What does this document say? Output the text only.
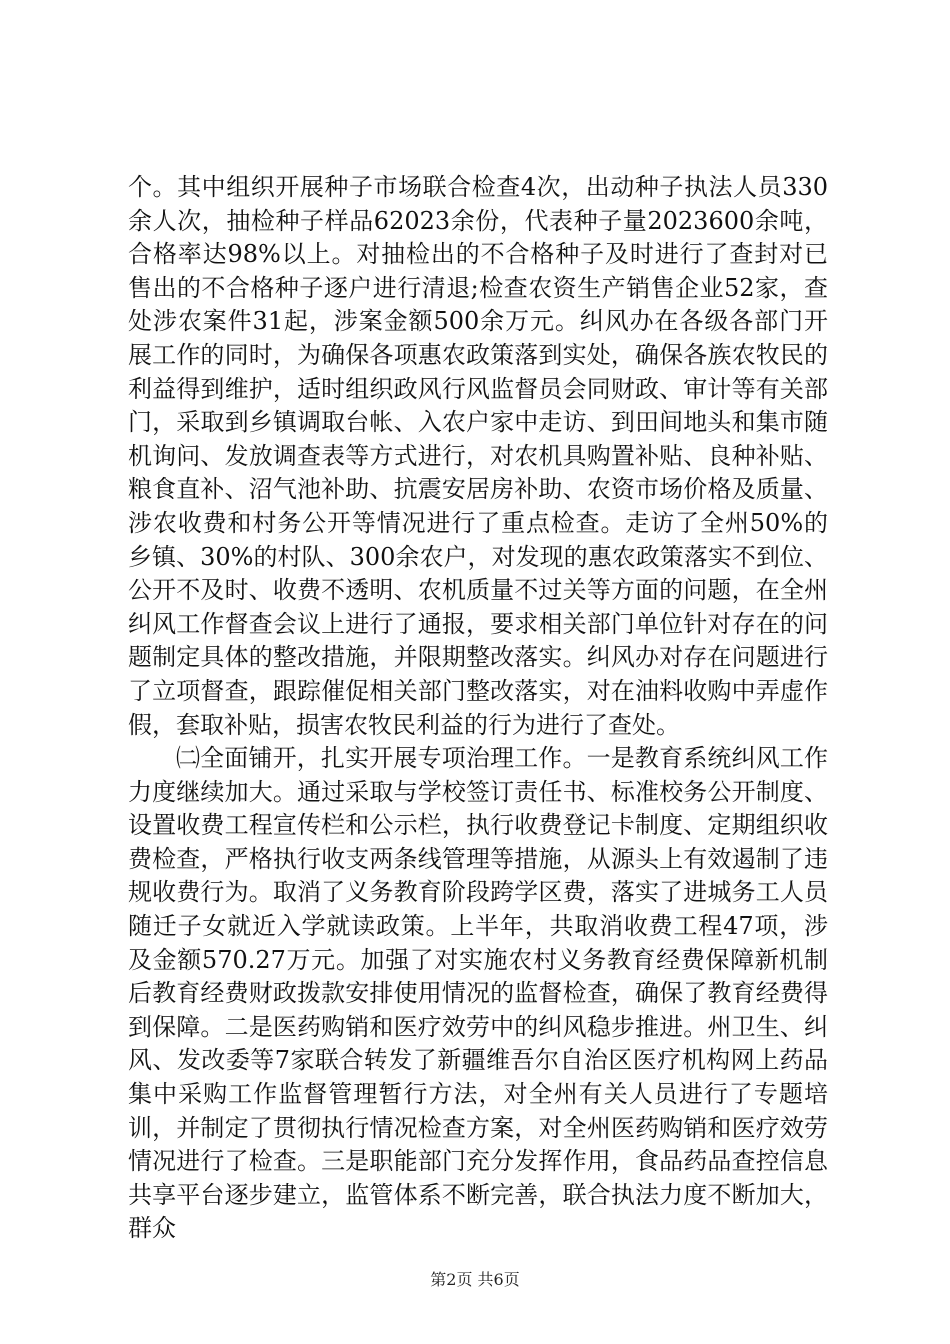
个。其中组织开展种子市场联合检查4次，出动种子执法人员330余人次，抽检种子样品62023余份，代表种子量2023600余吨，合格率达98%以上。对抽检出的不合格种子及时进行了查封对已售出的不合格种子逐户进行清退;检查农资生产销售企业52家，查处涉农案件31起，涉案金额500余万元。纠风办在各级各部门开展工作的同时，为确保各项惠农政策落到实处，确保各族农牧民的利益得到维护，适时组织政风行风监督员会同财政、审计等有关部门，采取到乡镇调取台帐、入农户家中走访、到田间地头和集市随机询问、发放调查表等方式进行，对农机具购置补贴、良种补贴、粮食直补、沼气池补助、抗震安居房补助、农资市场价格及质量、涉农收费和村务公开等情况进行了重点检查。走访了全州50%的乡镇、30%的村队、300余农户，对发现的惠农政策落实不到位、公开不及时、收费不透明、农机质量不过关等方面的问题，在全州纠风工作督查会议上进行了通报，要求相关部门单位针对存在的问题制定具体的整改措施，并限期整改落实。纠风办对存在问题进行了立项督查，跟踪催促相关部门整改落实，对在油料收购中弄虚作假，套取补贴，损害农牧民利益的行为进行了查处。

㈡全面铺开，扎实开展专项治理工作。一是教育系统纠风工作力度继续加大。通过采取与学校签订责任书、标准校务公开制度、设置收费工程宣传栏和公示栏，执行收费登记卡制度、定期组织收费检查，严格执行收支两条线管理等措施，从源头上有效遏制了违规收费行为。取消了义务教育阶段跨学区费，落实了进城务工人员随迁子女就近入学就读政策。上半年，共取消收费工程47项，涉及金额570.27万元。加强了对实施农村义务教育经费保障新机制后教育经费财政拨款安排使用情况的监督检查，确保了教育经费得到保障。二是医药购销和医疗效劳中的纠风稳步推进。州卫生、纠风、发改委等7家联合转发了新疆维吾尔自治区医疗机构网上药品集中采购工作监督管理暂行方法，对全州有关人员进行了专题培训，并制定了贯彻执行情况检查方案，对全州医药购销和医疗效劳情况进行了检查。三是职能部门充分发挥作用，食品药品查控信息共享平台逐步建立，监管体系不断完善，联合执法力度不断加大，群众

第2页 共6页
